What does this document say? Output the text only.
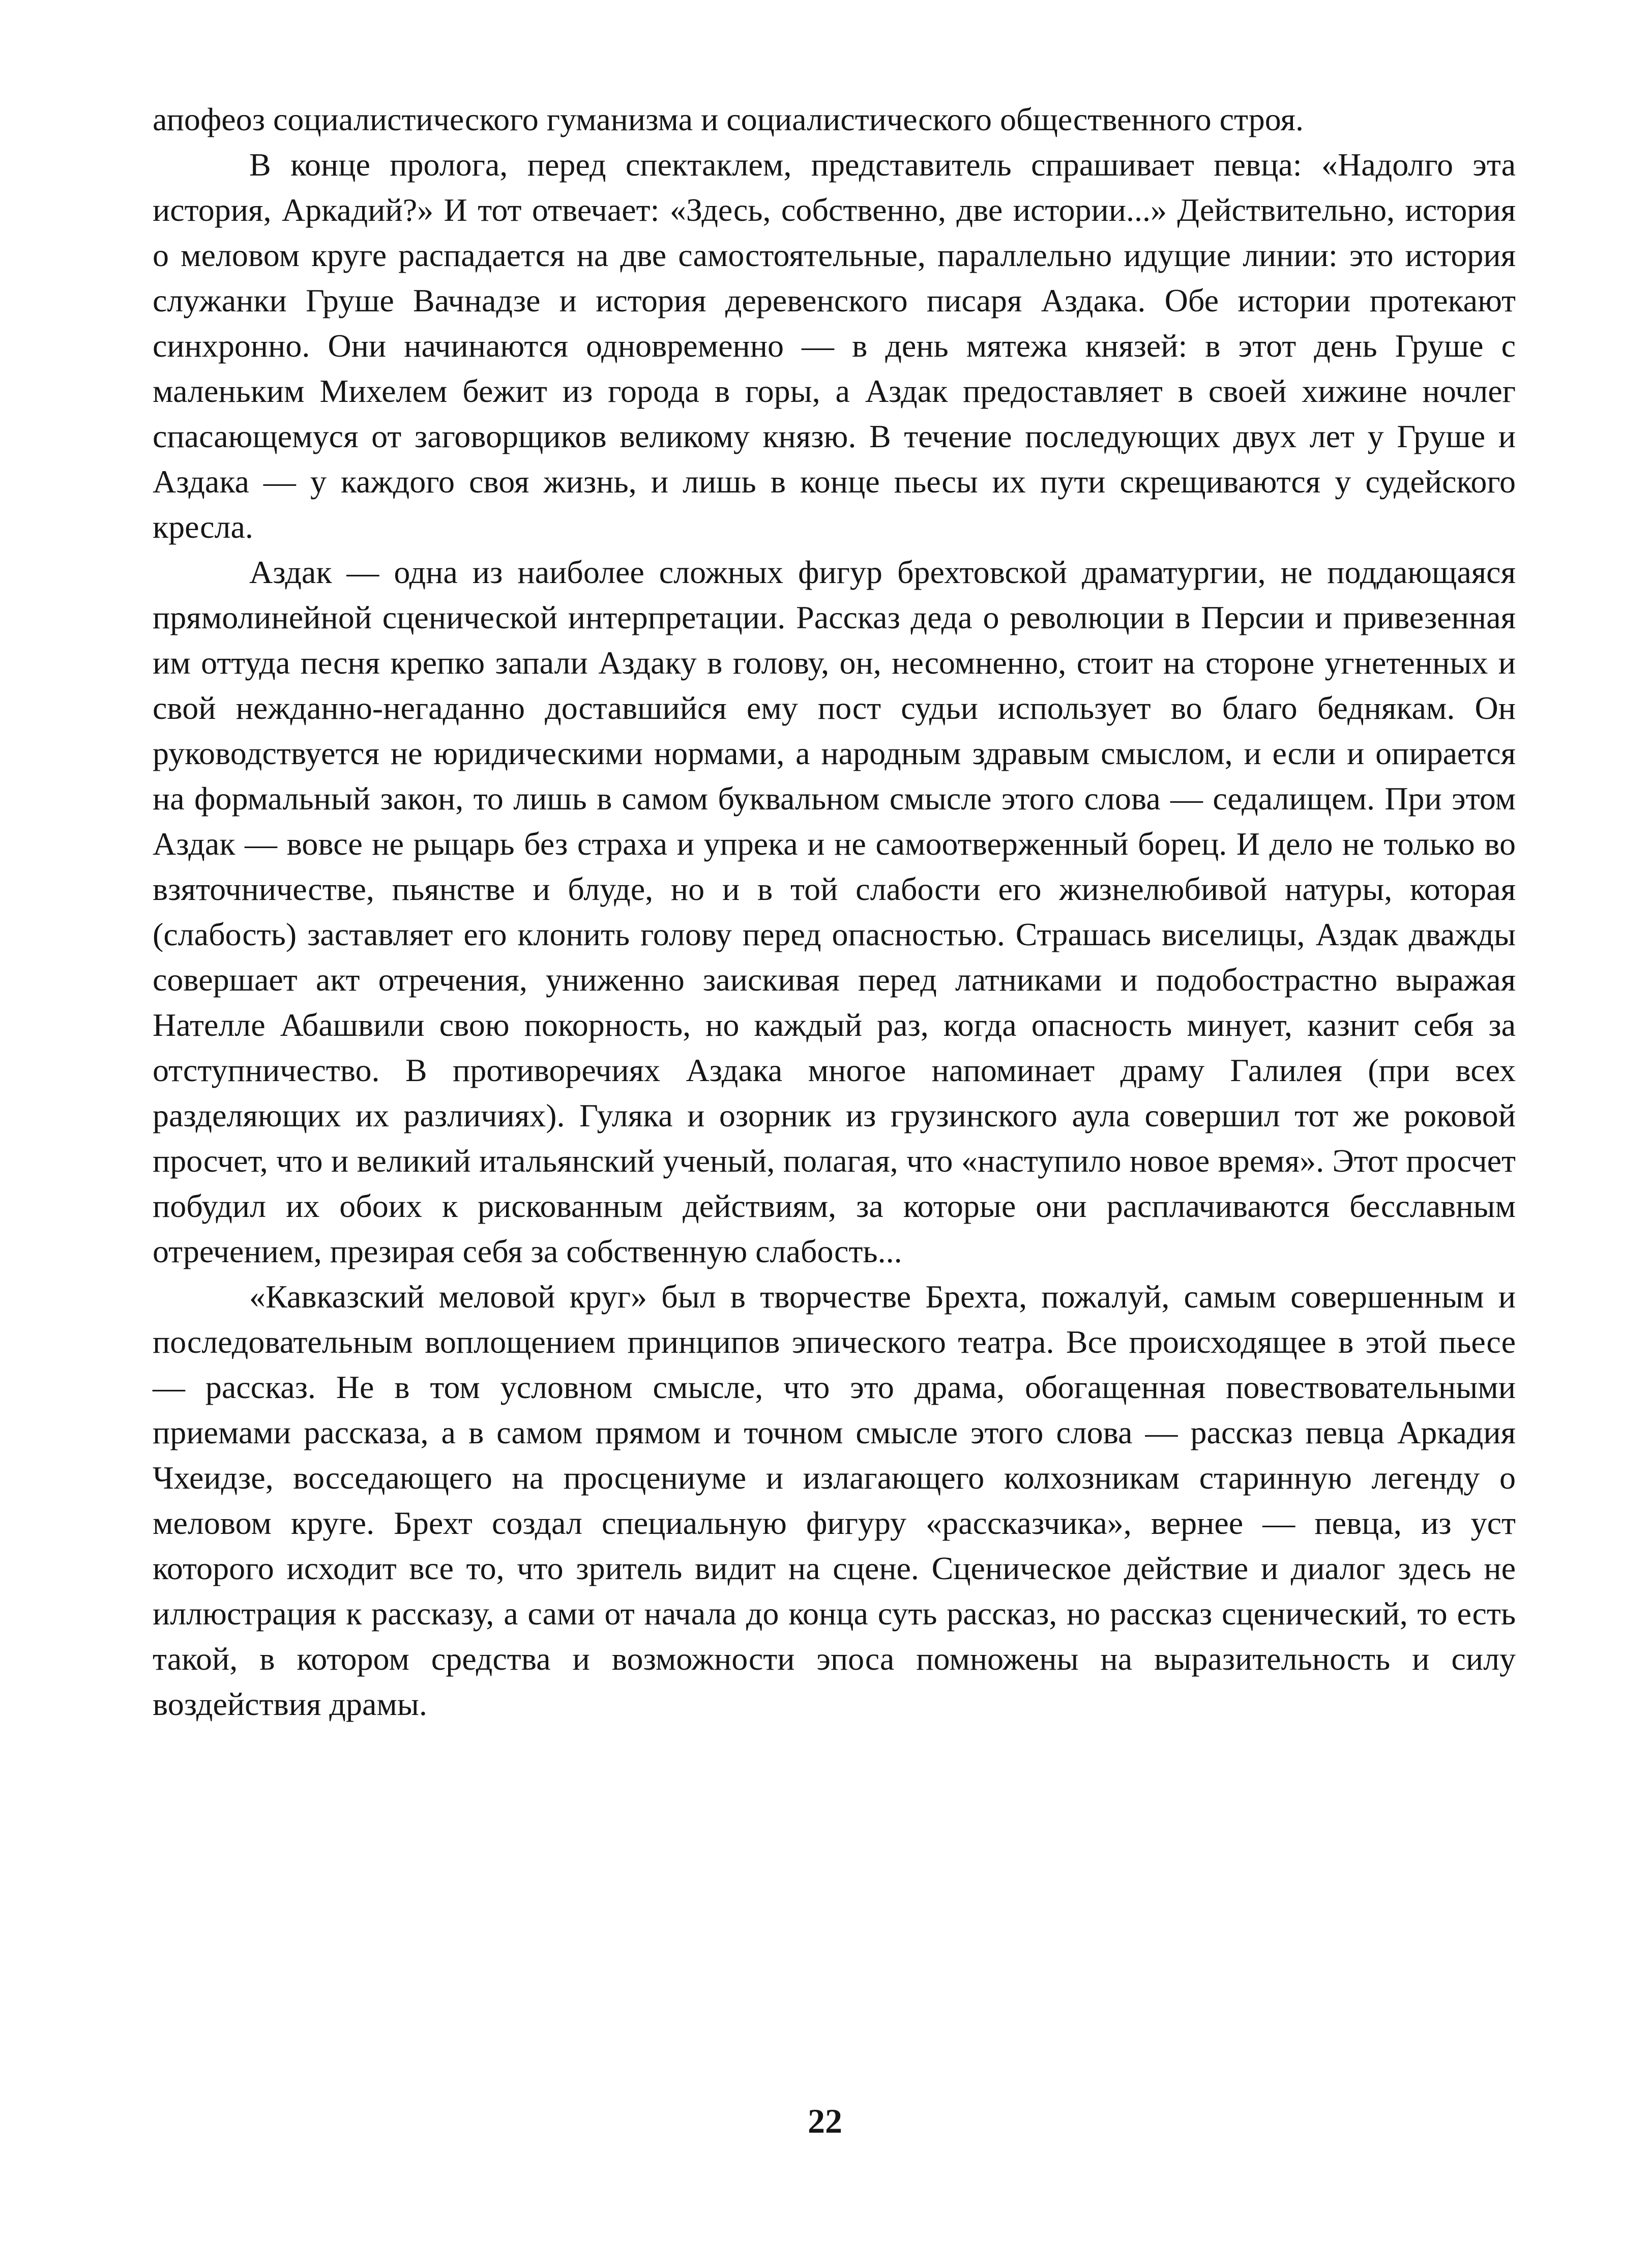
апофеоз социалистического гуманизма и социалистического общественного строя.

В конце пролога, перед спектаклем, представитель спрашивает певца: «Надолго эта история, Аркадий?» И тот отвечает: «Здесь, собственно, две истории...» Действительно, история о меловом круге распадается на две самостоятельные, параллельно идущие линии: это история служанки Груше Вачнадзе и история деревенского писаря Аздака. Обе истории протекают синхронно. Они начинаются одновременно — в день мятежа князей: в этот день Груше с маленьким Михелем бежит из города в горы, а Аздак предоставляет в своей хижине ночлег спасающемуся от заговорщиков великому князю. В течение последующих двух лет у Груше и Аздака — у каждого своя жизнь, и лишь в конце пьесы их пути скрещиваются у судейского кресла.

Аздак — одна из наиболее сложных фигур брехтовской драматургии, не поддающаяся прямолинейной сценической интерпретации. Рассказ деда о революции в Персии и привезенная им оттуда песня крепко запали Аздаку в голову, он, несомненно, стоит на стороне угнетенных и свой нежданно-негаданно доставшийся ему пост судьи использует во благо беднякам. Он руководствуется не юридическими нормами, а народным здравым смыслом, и если и опирается на формальный закон, то лишь в самом буквальном смысле этого слова — седалищем. При этом Аздак — вовсе не рыцарь без страха и упрека и не самоотверженный борец. И дело не только во взяточничестве, пьянстве и блуде, но и в той слабости его жизнелюбивой натуры, которая (слабость) заставляет его клонить голову перед опасностью. Страшась виселицы, Аздак дважды совершает акт отречения, униженно заискивая перед латниками и подобострастно выражая Нателле Абашвили свою покорность, но каждый раз, когда опасность минует, казнит себя за отступничество. В противоречиях Аздака многое напоминает драму Галилея (при всех разделяющих их различиях). Гуляка и озорник из грузинского аула совершил тот же роковой просчет, что и великий итальянский ученый, полагая, что «наступило новое время». Этот просчет побудил их обоих к рискованным действиям, за которые они расплачиваются бесславным отречением, презирая себя за собственную слабость...

«Кавказский меловой круг» был в творчестве Брехта, пожалуй, самым совершенным и последовательным воплощением принципов эпического театра. Все происходящее в этой пьесе — рассказ. Не в том условном смысле, что это драма, обогащенная повествовательными приемами рассказа, а в самом прямом и точном смысле этого слова — рассказ певца Аркадия Чхеидзе, восседающего на просцениуме и излагающего колхозникам старинную легенду о меловом круге. Брехт создал специальную фигуру «рассказчика», вернее — певца, из уст которого исходит все то, что зритель видит на сцене. Сценическое действие и диалог здесь не иллюстрация к рассказу, а сами от начала до конца суть рассказ, но рассказ сценический, то есть такой, в котором средства и возможности эпоса помножены на выразительность и силу воздействия драмы.

22
